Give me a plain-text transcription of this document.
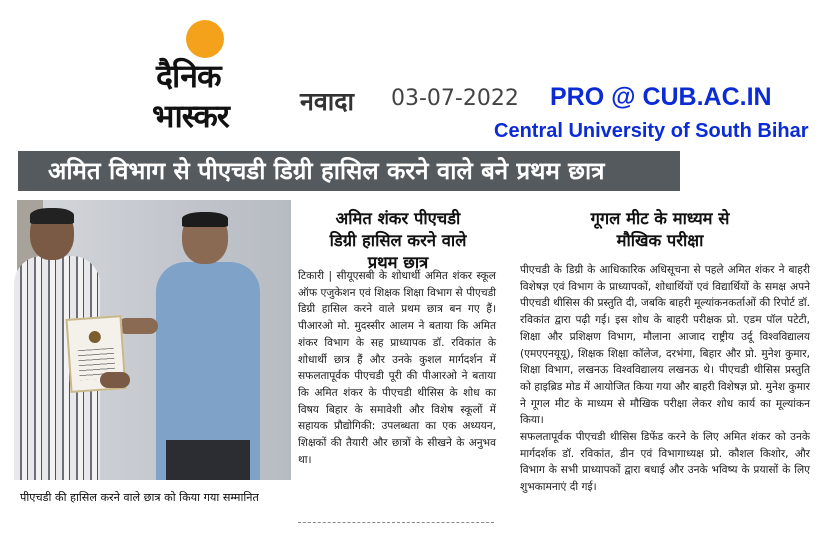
दैनिक
भास्कर	नवादा 03-07-2022 PRO @ CUB.AC.IN
Central University of South Bihar
अमित विभाग से पीएचडी डिग्री हासिल करने वाले बने प्रथम छात्र
पीएचडी की हासिल करने वाले छात्र को किया गया सम्मानित
अमित शंकर पीएचडी
डिग्री हासिल करने वाले
प्रथम छात्र

टिकारी | सीयूएसबी के शोधार्थी अमित शंकर स्कूल ऑफ एजुकेशन एवं शिक्षक शिक्षा विभाग से पीएचडी डिग्री हासिल करने वाले प्रथम छात्र बन गए हैं। पीआरओ मो. मुदस्सीर आलम ने बताया कि अमित शंकर विभाग के सह प्राध्यापक डॉ. रविकांत के शोधार्थी छात्र हैं और उनके कुशल मार्गदर्शन में सफलतापूर्वक पीएचडी पूरी की पीआरओ ने बताया कि अमित शंकर के पीएचडी थीसिस के शोध का विषय बिहार के समावेशी और विशेष स्कूलों में सहायक प्रौद्योगिकी: उपलब्धता का एक अध्ययन, शिक्षकों की तैयारी और छात्रों के सीखने के अनुभव था।

गूगल मीट के माध्यम से
मौखिक परीक्षा

पीएचडी के डिग्री के आधिकारिक अधिसूचना से पहले अमित शंकर ने बाहरी विशेषज्ञ एवं विभाग के प्राध्यापकों, शोधार्थियों एवं विद्यार्थियों के समक्ष अपने पीएचडी थीसिस की प्रस्तुति दी, जबकि बाहरी मूल्यांकनकर्ताओं की रिपोर्ट डॉ. रविकांत द्वारा पढ़ी गई। इस शोध के बाहरी परीक्षक प्रो. एडम पॉल पटेटी, शिक्षा और प्रशिक्षण विभाग, मौलाना आजाद राष्ट्रीय उर्दू विश्वविद्यालय (एमएएनयूयू), शिक्षक शिक्षा कॉलेज, दरभंगा, बिहार और प्रो. मुनेश कुमार, शिक्षा विभाग, लखनऊ विश्वविद्यालय लखनऊ थे। पीएचडी थीसिस प्रस्तुति को हाइब्रिड मोड में आयोजित किया गया और बाहरी विशेषज्ञ प्रो. मुनेश कुमार ने गूगल मीट के माध्यम से मौखिक परीक्षा लेकर शोध कार्य का मूल्यांकन किया।

सफलतापूर्वक पीएचडी थीसिस डिफेंड करने के लिए अमित शंकर को उनके मार्गदर्शक डॉ. रविकांत, डीन एवं विभागाध्यक्ष प्रो. कौशल किशोर, और विभाग के सभी प्राध्यापकों द्वारा बधाई और उनके भविष्य के प्रयासों के लिए शुभकामनाएं दी गई।
